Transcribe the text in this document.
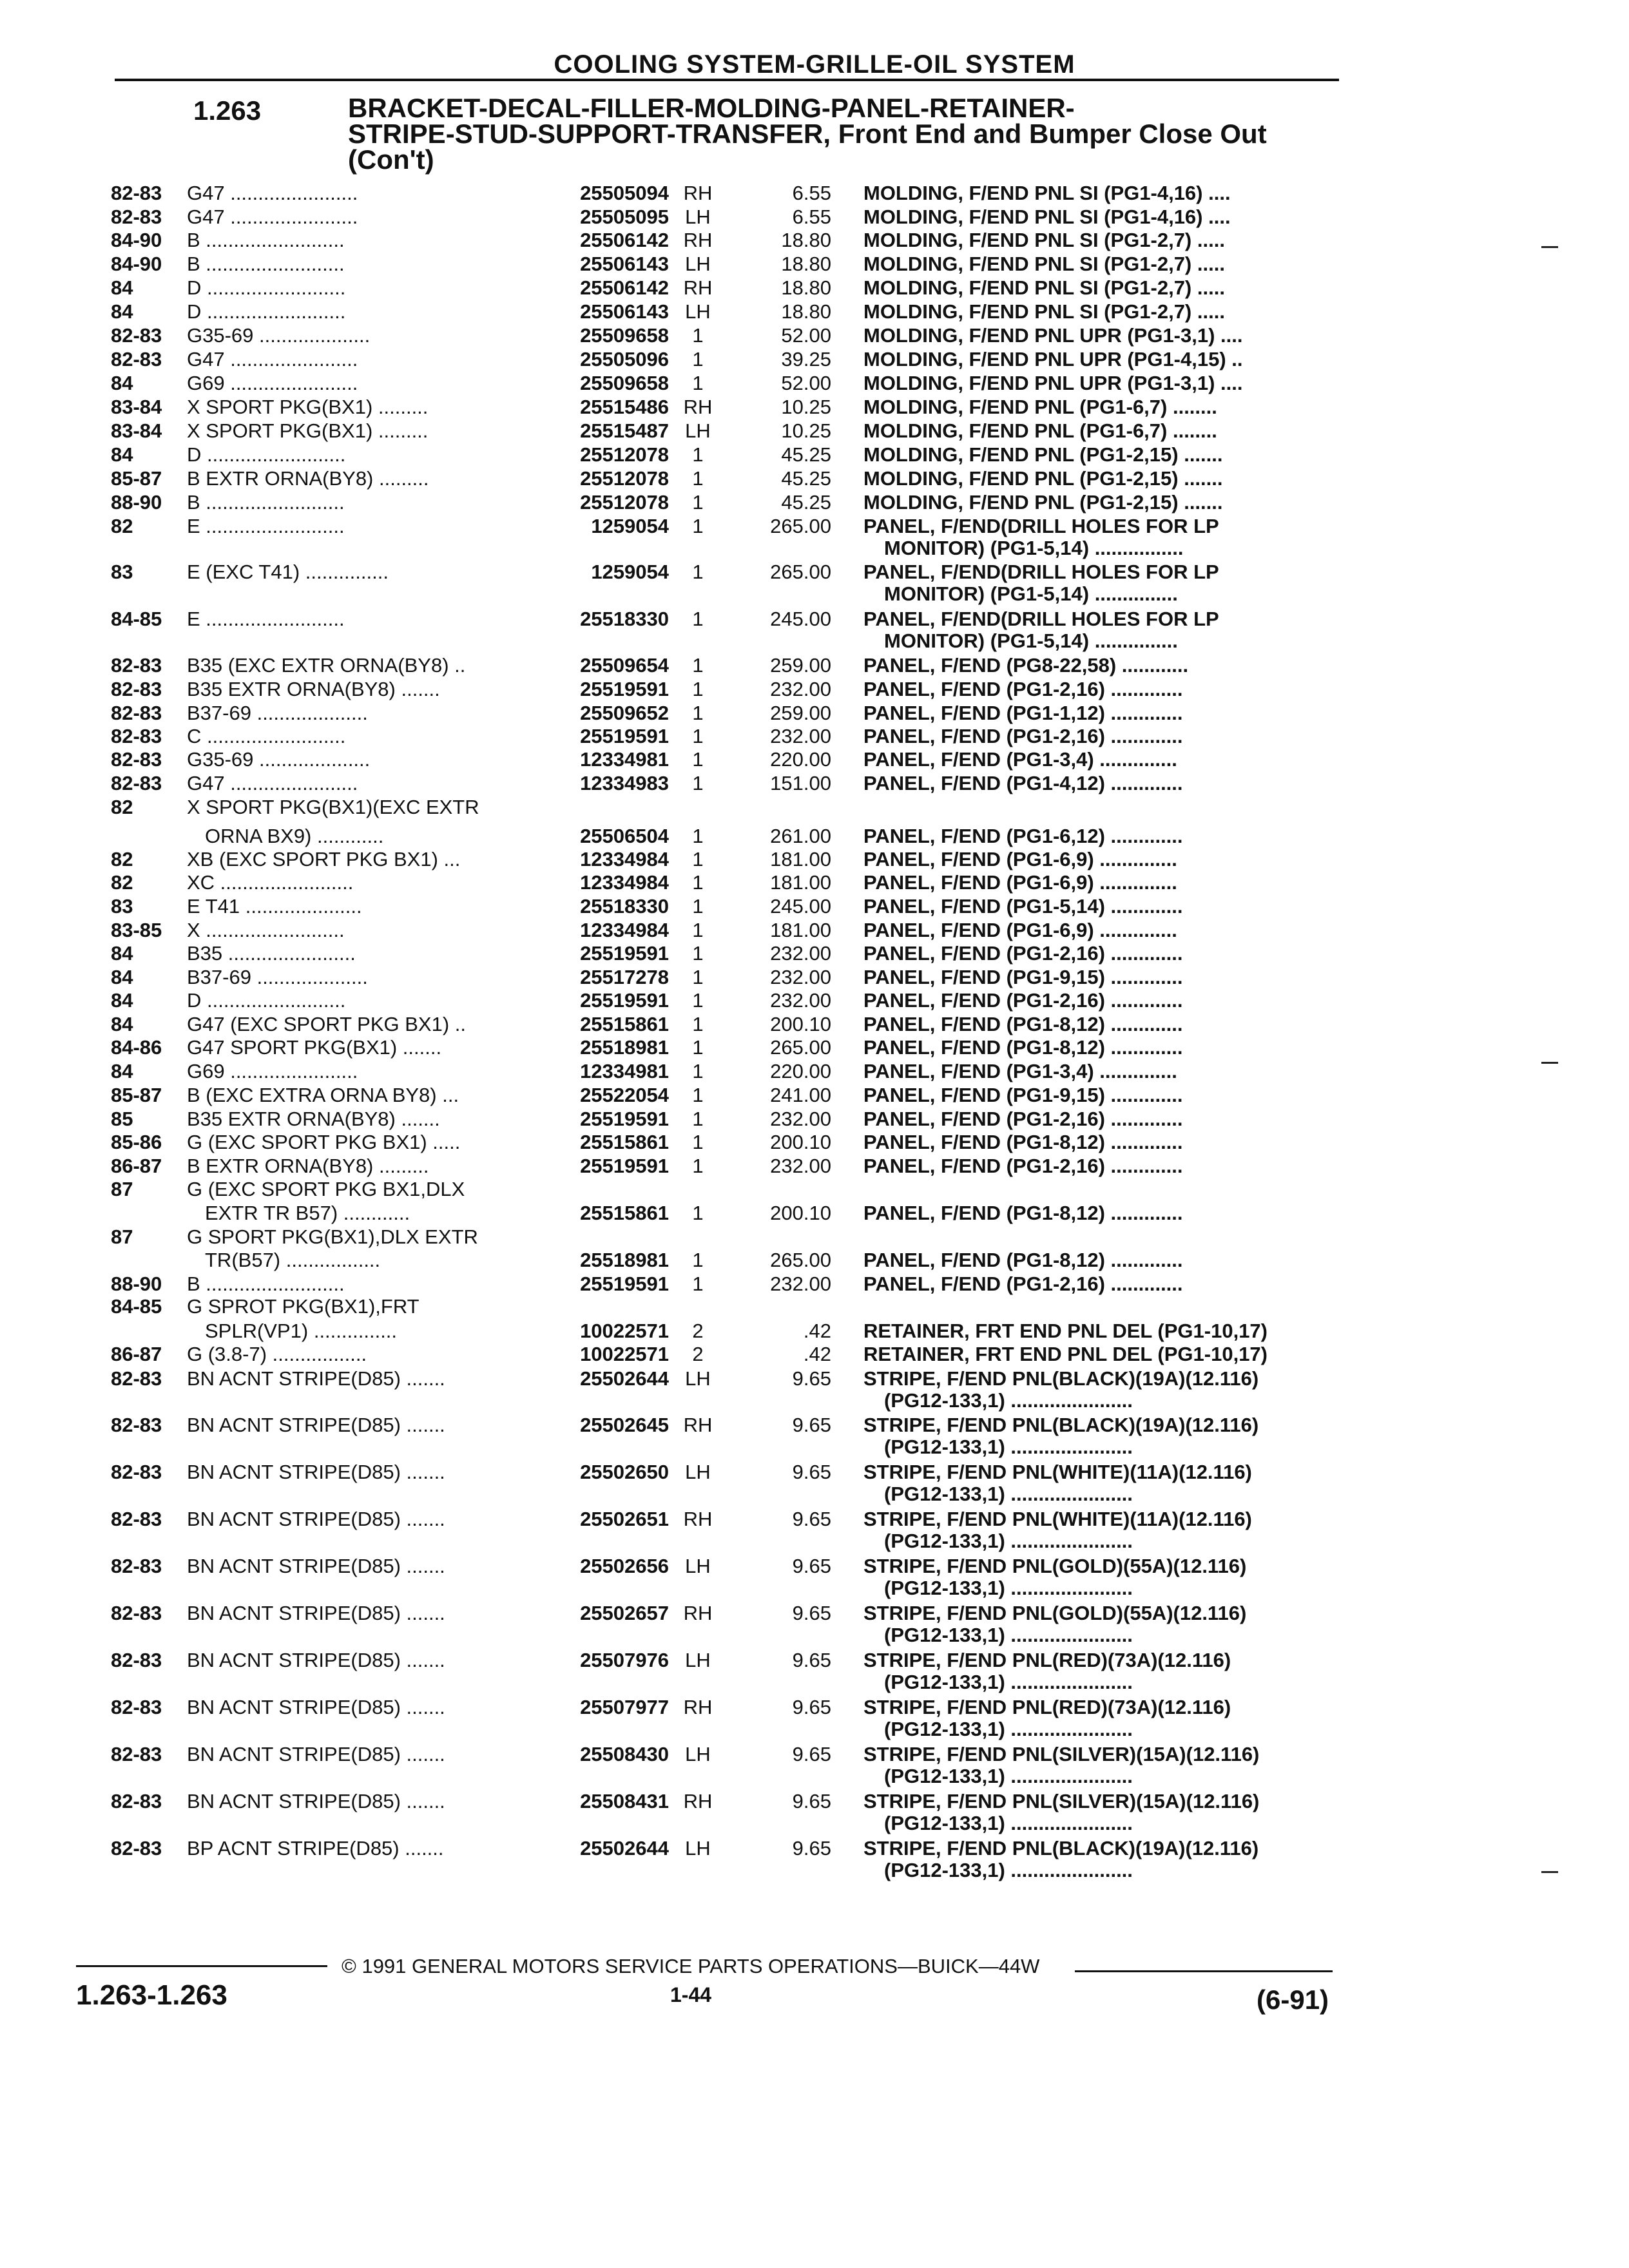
COOLING SYSTEM-GRILLE-OIL SYSTEM
1.263	BRACKET-DECAL-FILLER-MOLDING-PANEL-RETAINER-
STRIPE-STUD-SUPPORT-TRANSFER, Front End and Bumper Close Out
(Con't)
82-83 G47 .......................	25505094 RH	6.55 MOLDING, F/END PNL SI (PG1-4,16) ....
82-83 G47 .......................	25505095 LH	6.55 MOLDING, F/END PNL SI (PG1-4,16) ....
84-90 B .........................	25506142 RH	18.80 MOLDING, F/END PNL SI (PG1-2,7) .....
84-90 B .........................	25506143 LH	18.80 MOLDING, F/END PNL SI (PG1-2,7) .....
84	D .........................	25506142 RH	18.80 MOLDING, F/END PNL SI (PG1-2,7) .....
84	D .........................	25506143 LH	18.80 MOLDING, F/END PNL SI (PG1-2,7) .....
82-83 G35-69 ....................	25509658	1	52.00 MOLDING, F/END PNL UPR (PG1-3,1) ....
82-83 G47 .......................	25505096	1	39.25 MOLDING, F/END PNL UPR (PG1-4,15) ..
84	G69 .......................	25509658	1	52.00 MOLDING, F/END PNL UPR (PG1-3,1) ....
83-84 X SPORT PKG(BX1) .........	25515486 RH	10.25 MOLDING, F/END PNL (PG1-6,7) ........
83-84 X SPORT PKG(BX1) .........	25515487 LH	10.25 MOLDING, F/END PNL (PG1-6,7) ........
84	D .........................	25512078	1	45.25 MOLDING, F/END PNL (PG1-2,15) .......
85-87 B EXTR ORNA(BY8) .........	25512078	1	45.25 MOLDING, F/END PNL (PG1-2,15) .......
88-90 B .........................	25512078	1	45.25 MOLDING, F/END PNL (PG1-2,15) .......
82	E .........................	1259054	1	265.00 PANEL, F/END(DRILL HOLES FOR LP
MONITOR) (PG1-5,14) ................
83	E (EXC T41) ...............	1259054	1	265.00 PANEL, F/END(DRILL HOLES FOR LP
MONITOR) (PG1-5,14) ...............
84-85 E .........................	25518330	1	245.00 PANEL, F/END(DRILL HOLES FOR LP
MONITOR) (PG1-5,14) ...............
82-83 B35 (EXC EXTR ORNA(BY8) ..	25509654	1	259.00 PANEL, F/END (PG8-22,58) ............
82-83 B35 EXTR ORNA(BY8) .......	25519591	1	232.00 PANEL, F/END (PG1-2,16) .............
82-83 B37-69 ....................	25509652	1	259.00 PANEL, F/END (PG1-1,12) .............
82-83 C .........................	25519591	1	232.00 PANEL, F/END (PG1-2,16) .............
82-83 G35-69 ....................	12334981	1	220.00 PANEL, F/END (PG1-3,4) ..............
82-83 G47 .......................	12334983	1	151.00 PANEL, F/END (PG1-4,12) .............
82	X SPORT PKG(BX1)(EXC EXTR
ORNA BX9) ............	25506504	1	261.00 PANEL, F/END (PG1-6,12) .............
82	XB (EXC SPORT PKG BX1) ...	12334984	1	181.00 PANEL, F/END (PG1-6,9) ..............
82	XC ........................	12334984	1	181.00 PANEL, F/END (PG1-6,9) ..............
83	E T41 .....................	25518330	1	245.00 PANEL, F/END (PG1-5,14) .............
83-85 X .........................	12334984	1	181.00 PANEL, F/END (PG1-6,9) ..............
84	B35 .......................	25519591	1	232.00 PANEL, F/END (PG1-2,16) .............
84	B37-69 ....................	25517278	1	232.00 PANEL, F/END (PG1-9,15) .............
84	D .........................	25519591	1	232.00 PANEL, F/END (PG1-2,16) .............
84	G47 (EXC SPORT PKG BX1) ..	25515861	1	200.10 PANEL, F/END (PG1-8,12) .............
84-86 G47 SPORT PKG(BX1) .......	25518981	1	265.00 PANEL, F/END (PG1-8,12) .............
84	G69 .......................	12334981	1	220.00 PANEL, F/END (PG1-3,4) ..............
85-87 B (EXC EXTRA ORNA BY8) ...	25522054	1	241.00 PANEL, F/END (PG1-9,15) .............
85	B35 EXTR ORNA(BY8) .......	25519591	1	232.00 PANEL, F/END (PG1-2,16) .............
85-86 G (EXC SPORT PKG BX1) .....	25515861	1	200.10 PANEL, F/END (PG1-8,12) .............
86-87 B EXTR ORNA(BY8) .........	25519591	1	232.00 PANEL, F/END (PG1-2,16) .............
87	G (EXC SPORT PKG BX1,DLX
EXTR TR B57) ............	25515861	1	200.10 PANEL, F/END (PG1-8,12) .............
87	G SPORT PKG(BX1),DLX EXTR
TR(B57) .................	25518981	1	265.00 PANEL, F/END (PG1-8,12) .............
88-90 B .........................	25519591	1	232.00 PANEL, F/END (PG1-2,16) .............
84-85 G SPROT PKG(BX1),FRT
SPLR(VP1) ...............	10022571	2	.42 RETAINER, FRT END PNL DEL (PG1-10,17)
86-87 G (3.8-7) .................	10022571	2	.42 RETAINER, FRT END PNL DEL (PG1-10,17)
82-83 BN ACNT STRIPE(D85) .......	25502644 LH	9.65 STRIPE, F/END PNL(BLACK)(19A)(12.116)
(PG12-133,1) ......................
82-83 BN ACNT STRIPE(D85) .......	25502645 RH	9.65 STRIPE, F/END PNL(BLACK)(19A)(12.116)
(PG12-133,1) ......................
82-83 BN ACNT STRIPE(D85) .......	25502650 LH	9.65 STRIPE, F/END PNL(WHITE)(11A)(12.116)
(PG12-133,1) ......................
82-83 BN ACNT STRIPE(D85) .......	25502651 RH	9.65 STRIPE, F/END PNL(WHITE)(11A)(12.116)
(PG12-133,1) ......................
82-83 BN ACNT STRIPE(D85) .......	25502656 LH	9.65 STRIPE, F/END PNL(GOLD)(55A)(12.116)
(PG12-133,1) ......................
82-83 BN ACNT STRIPE(D85) .......	25502657 RH	9.65 STRIPE, F/END PNL(GOLD)(55A)(12.116)
(PG12-133,1) ......................
82-83 BN ACNT STRIPE(D85) .......	25507976 LH	9.65 STRIPE, F/END PNL(RED)(73A)(12.116)
(PG12-133,1) ......................
82-83 BN ACNT STRIPE(D85) .......	25507977 RH	9.65 STRIPE, F/END PNL(RED)(73A)(12.116)
(PG12-133,1) ......................
82-83 BN ACNT STRIPE(D85) .......	25508430 LH	9.65 STRIPE, F/END PNL(SILVER)(15A)(12.116)
(PG12-133,1) ......................
82-83 BN ACNT STRIPE(D85) .......	25508431 RH	9.65 STRIPE, F/END PNL(SILVER)(15A)(12.116)
(PG12-133,1) ......................
82-83 BP ACNT STRIPE(D85) .......	25502644 LH	9.65 STRIPE, F/END PNL(BLACK)(19A)(12.116)
(PG12-133,1) ......................
1.263-1.263
© 1991 GENERAL MOTORS SERVICE PARTS OPERATIONS—BUICK—44W
1-44	(6-91)
